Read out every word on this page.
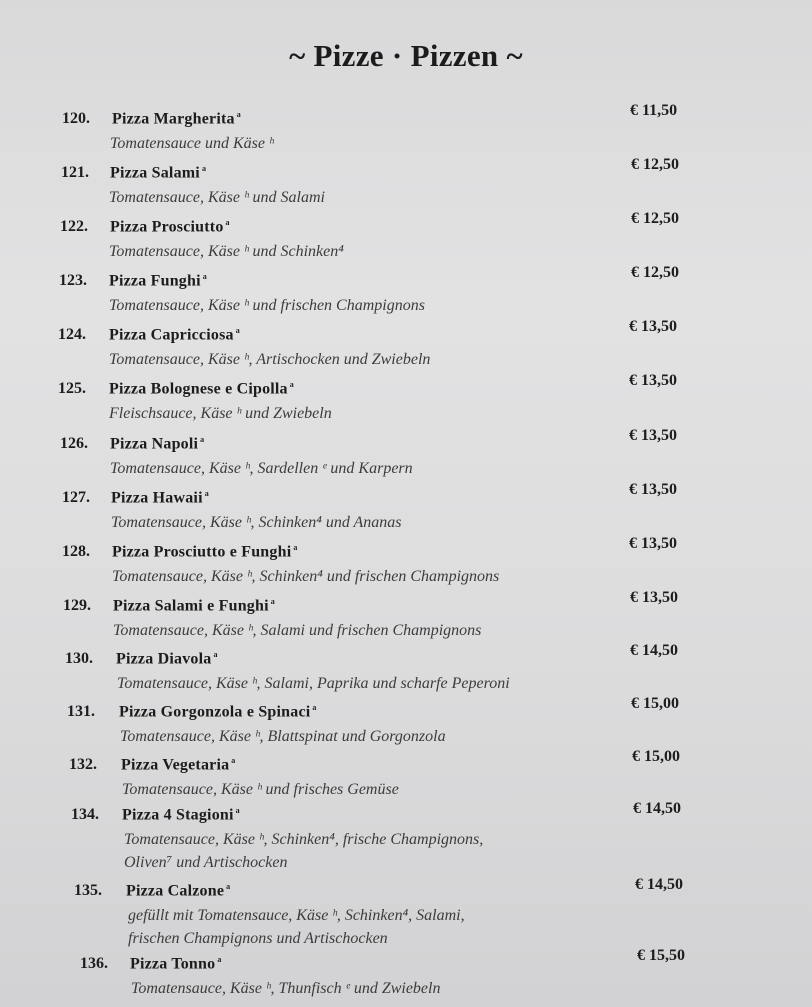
~ Pizze · Pizzen ~
120. Pizza Margherita $^a$	€ 11,50
Tomatensauce und Käse ʰ
121. Pizza Salami $^a$	€ 12,50
Tomatensauce, Käse ʰ und Salami
122. Pizza Prosciutto $^a$	€ 12,50
Tomatensauce, Käse ʰ und Schinken⁴
123. Pizza Funghi $^a$	€ 12,50
Tomatensauce, Käse ʰ und frischen Champignons
124. Pizza Capricciosa $^a$	€ 13,50
Tomatensauce, Käse ʰ, Artischocken und Zwiebeln
125. Pizza Bolognese e Cipolla $^a$	€ 13,50
Fleischsauce, Käse ʰ und Zwiebeln
126. Pizza Napoli $^a$	€ 13,50
Tomatensauce, Käse ʰ, Sardellen ᵉ und Karpern
127. Pizza Hawaii $^a$	€ 13,50
Tomatensauce, Käse ʰ, Schinken⁴ und Ananas
128. Pizza Prosciutto e Funghi $^a$	€ 13,50
Tomatensauce, Käse ʰ, Schinken⁴ und frischen Champignons
129. Pizza Salami e Funghi $^a$	€ 13,50
Tomatensauce, Käse ʰ, Salami und frischen Champignons
130. Pizza Diavola $^a$	€ 14,50
Tomatensauce, Käse ʰ, Salami, Paprika und scharfe Peperoni
131. Pizza Gorgonzola e Spinaci $^a$	€ 15,00
Tomatensauce, Käse ʰ, Blattspinat und Gorgonzola
132. Pizza Vegetaria $^a$	€ 15,00
Tomatensauce, Käse ʰ und frisches Gemüse
134. Pizza 4 Stagioni $^a$	€ 14,50
Tomatensauce, Käse ʰ, Schinken⁴, frische Champignons,
Oliven⁷ und Artischocken
135. Pizza Calzone $^a$	€ 14,50
gefüllt mit Tomatensauce, Käse ʰ, Schinken⁴, Salami,
frischen Champignons und Artischocken
136. Pizza Tonno $^a$	€ 15,50
Tomatensauce, Käse ʰ, Thunfisch ᵉ und Zwiebeln
